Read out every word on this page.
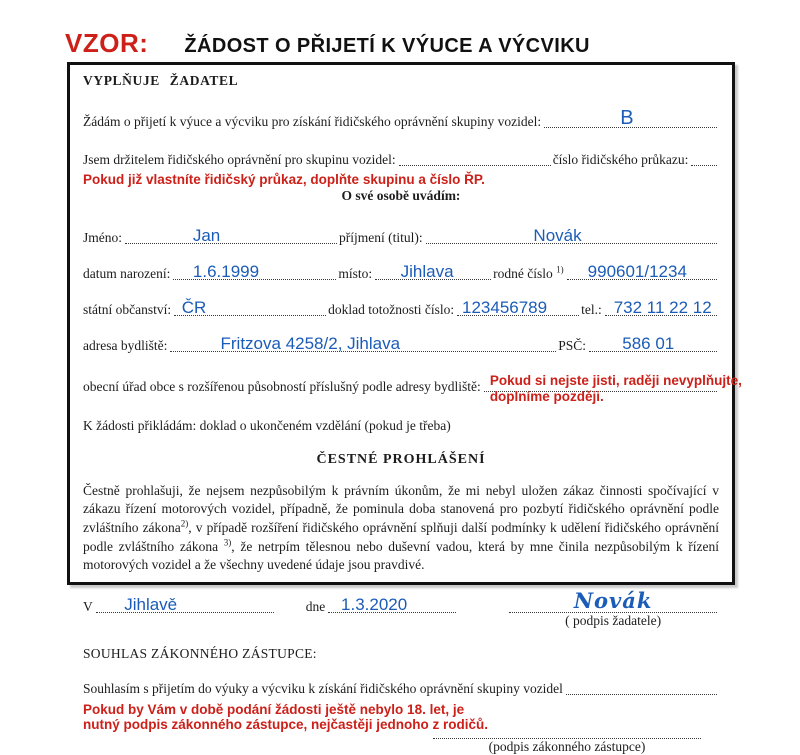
VZOR: ŽÁDOST O PŘIJETÍ K VÝUCE A VÝCVIKU
VYPLŇUJE ŽADATEL
Žádám o přijetí k výuce a výcviku pro získání řidičského oprávnění skupiny vozidel:	B
Jsem držitelem řidičského oprávnění pro skupinu vozidel:	číslo řidičského průkazu:
Pokud již vlastníte řidičský průkaz, doplňte skupinu a číslo ŘP.
O své osobě uvádím:
Jméno:	Jan	příjmení (titul):	Novák
datum narození: 1.6.1999	místo: Jihlava	rodné číslo $^{1)}$ 990601/1234
státní občanství: ČR	doklad totožnosti číslo: 123456789	tel.: 732 11 22 12
adresa bydliště:	Fritzova 4258/2, Jihlava	PSČ: 586 01
obecní úřad obce s rozšířenou působností příslušný podle adresy bydliště: Pokud si nejste jisti, raději nevyplňujte,
doplníme později.
K žádosti přikládám: doklad o ukončeném vzdělání (pokud je třeba)
ČESTNÉ PROHLÁŠENÍ

Čestně prohlašuji, že nejsem nezpůsobilým k právním úkonům, že mi nebyl uložen zákaz činnosti spočívající v zákazu řízení motorových vozidel, případně, že pominula doba stanovená pro pozbytí řidičského oprávnění podle zvláštního zákona$^{2)}$, v případě rozšíření řidičského oprávnění splňuji další podmínky k udělení řidičského oprávnění podle zvláštního zákona $^{3)}$, že netrpím tělesnou nebo duševní vadou, která by mne činila nezpůsobilým k řízení motorových vozidel a že všechny uvedené údaje jsou pravdivé.

V Jihlavě	dne 1.3.2020	Novák
( podpis žadatele)
SOUHLAS ZÁKONNÉHO ZÁSTUPCE:
Souhlasím s přijetím do výuky a výcviku k získání řidičského oprávnění skupiny vozidel
Pokud by Vám v době podání žádosti ještě nebylo 18. let, je
nutný podpis zákonného zástupce, nejčastěji jednoho z rodičů.
(podpis zákonného zástupce)
